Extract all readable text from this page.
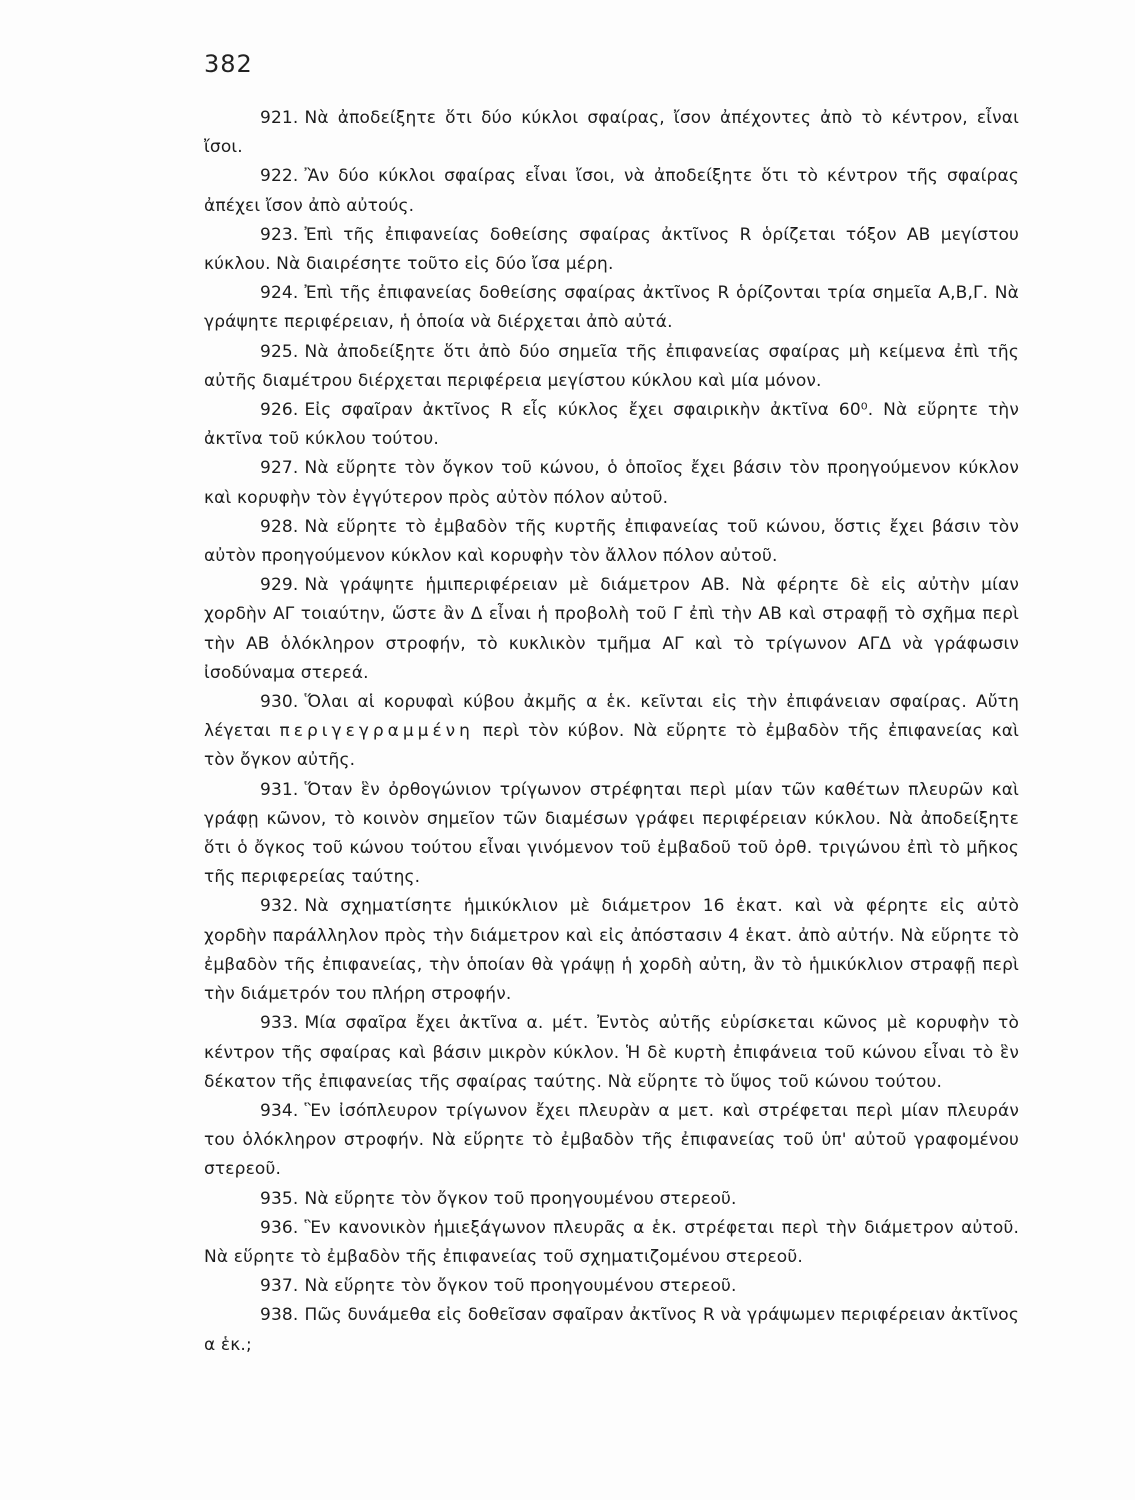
382

921. Νὰ ἀποδείξητε ὅτι δύο κύκλοι σφαίρας, ἴσον ἀπέχοντες ἀπὸ τὸ κέντρον, εἶναι ἴσοι.

922. Ἂν δύο κύκλοι σφαίρας εἶναι ἴσοι, νὰ ἀποδείξητε ὅτι τὸ κέντρον τῆς σφαίρας ἀπέχει ἴσον ἀπὸ αὐτούς.

923. Ἐπὶ τῆς ἐπιφανείας δοθείσης σφαίρας ἀκτῖνος R ὁρίζεται τόξον ΑΒ μεγίστου κύκλου. Νὰ διαιρέσητε τοῦτο εἰς δύο ἴσα μέρη.

924. Ἐπὶ τῆς ἐπιφανείας δοθείσης σφαίρας ἀκτῖνος R ὁρίζονται τρία σημεῖα Α,Β,Γ. Νὰ γράψητε περιφέρειαν, ἡ ὁποία νὰ διέρχεται ἀπὸ αὐτά.

925. Νὰ ἀποδείξητε ὅτι ἀπὸ δύο σημεῖα τῆς ἐπιφανείας σφαίρας μὴ κείμενα ἐπὶ τῆς αὐτῆς διαμέτρου διέρχεται περιφέρεια μεγίστου κύκλου καὶ μία μόνον.

926. Εἰς σφαῖραν ἀκτῖνος R εἷς κύκλος ἔχει σφαιρικὴν ἀκτῖνα 60⁰. Νὰ εὕρητε τὴν ἀκτῖνα τοῦ κύκλου τούτου.

927. Νὰ εὕρητε τὸν ὄγκον τοῦ κώνου, ὁ ὁποῖος ἔχει βάσιν τὸν προηγούμενον κύκλον καὶ κορυφὴν τὸν ἐγγύτερον πρὸς αὐτὸν πόλον αὐτοῦ.

928. Νὰ εὕρητε τὸ ἐμβαδὸν τῆς κυρτῆς ἐπιφανείας τοῦ κώνου, ὅστις ἔχει βάσιν τὸν αὐτὸν προηγούμενον κύκλον καὶ κορυφὴν τὸν ἄλλον πόλον αὐτοῦ.

929. Νὰ γράψητε ἡμιπεριφέρειαν μὲ διάμετρον ΑΒ. Νὰ φέρητε δὲ εἰς αὐτὴν μίαν χορδὴν ΑΓ τοιαύτην, ὥστε ἂν Δ εἶναι ἡ προβολὴ τοῦ Γ ἐπὶ τὴν ΑΒ καὶ στραφῇ τὸ σχῆμα περὶ τὴν ΑΒ ὁλόκληρον στροφήν, τὸ κυκλικὸν τμῆμα ΑΓ καὶ τὸ τρίγωνον ΑΓΔ νὰ γράφωσιν ἰσοδύναμα στερεά.

930. Ὅλαι αἱ κορυφαὶ κύβου ἀκμῆς α ἑκ. κεῖνται εἰς τὴν ἐπιφάνειαν σφαίρας. Αὔτη λέγεται περιγεγραμμένη περὶ τὸν κύβον. Νὰ εὕρητε τὸ ἐμβαδὸν τῆς ἐπιφανείας καὶ τὸν ὄγκον αὐτῆς.

931. Ὅταν ἓν ὀρθογώνιον τρίγωνον στρέφηται περὶ μίαν τῶν καθέτων πλευρῶν καὶ γράφῃ κῶνον, τὸ κοινὸν σημεῖον τῶν διαμέσων γράφει περιφέρειαν κύκλου. Νὰ ἀποδείξητε ὅτι ὁ ὄγκος τοῦ κώνου τούτου εἶναι γινόμενον τοῦ ἐμβαδοῦ τοῦ ὀρθ. τριγώνου ἐπὶ τὸ μῆκος τῆς περιφερείας ταύτης.

932. Νὰ σχηματίσητε ἡμικύκλιον μὲ διάμετρον 16 ἑκατ. καὶ νὰ φέρητε εἰς αὐτὸ χορδὴν παράλληλον πρὸς τὴν διάμετρον καὶ εἰς ἀπόστασιν 4 ἑκατ. ἀπὸ αὐτήν. Νὰ εὕρητε τὸ ἐμβαδὸν τῆς ἐπιφανείας, τὴν ὁποίαν θὰ γράψῃ ἡ χορδὴ αὐτη, ἂν τὸ ἡμικύκλιον στραφῇ περὶ τὴν διάμετρόν του πλήρη στροφήν.

933. Μία σφαῖρα ἔχει ἀκτῖνα α. μέτ. Ἐντὸς αὐτῆς εὑρίσκεται κῶνος μὲ κορυφὴν τὸ κέντρον τῆς σφαίρας καὶ βάσιν μικρὸν κύκλον. Ἡ δὲ κυρτὴ ἐπιφάνεια τοῦ κώνου εἶναι τὸ ἓν δέκατον τῆς ἐπιφανείας τῆς σφαίρας ταύτης. Νὰ εὕρητε τὸ ὕψος τοῦ κώνου τούτου.

934. Ἓν ἰσόπλευρον τρίγωνον ἔχει πλευρὰν α μετ. καὶ στρέφεται περὶ μίαν πλευράν του ὁλόκληρον στροφήν. Νὰ εὕρητε τὸ ἐμβαδὸν τῆς ἐπιφανείας τοῦ ὑπ' αὐτοῦ γραφομένου στερεοῦ.

935. Νὰ εὕρητε τὸν ὄγκον τοῦ προηγουμένου στερεοῦ.

936. Ἓν κανονικὸν ἡμιεξάγωνον πλευρᾶς α ἑκ. στρέφεται περὶ τὴν διάμετρον αὐτοῦ. Νὰ εὕρητε τὸ ἐμβαδὸν τῆς ἐπιφανείας τοῦ σχηματιζομένου στερεοῦ.

937. Νὰ εὕρητε τὸν ὄγκον τοῦ προηγουμένου στερεοῦ.

938. Πῶς δυνάμεθα εἰς δοθεῖσαν σφαῖραν ἀκτῖνος R νὰ γράψωμεν περιφέρειαν ἀκτῖνος α ἑκ.;
